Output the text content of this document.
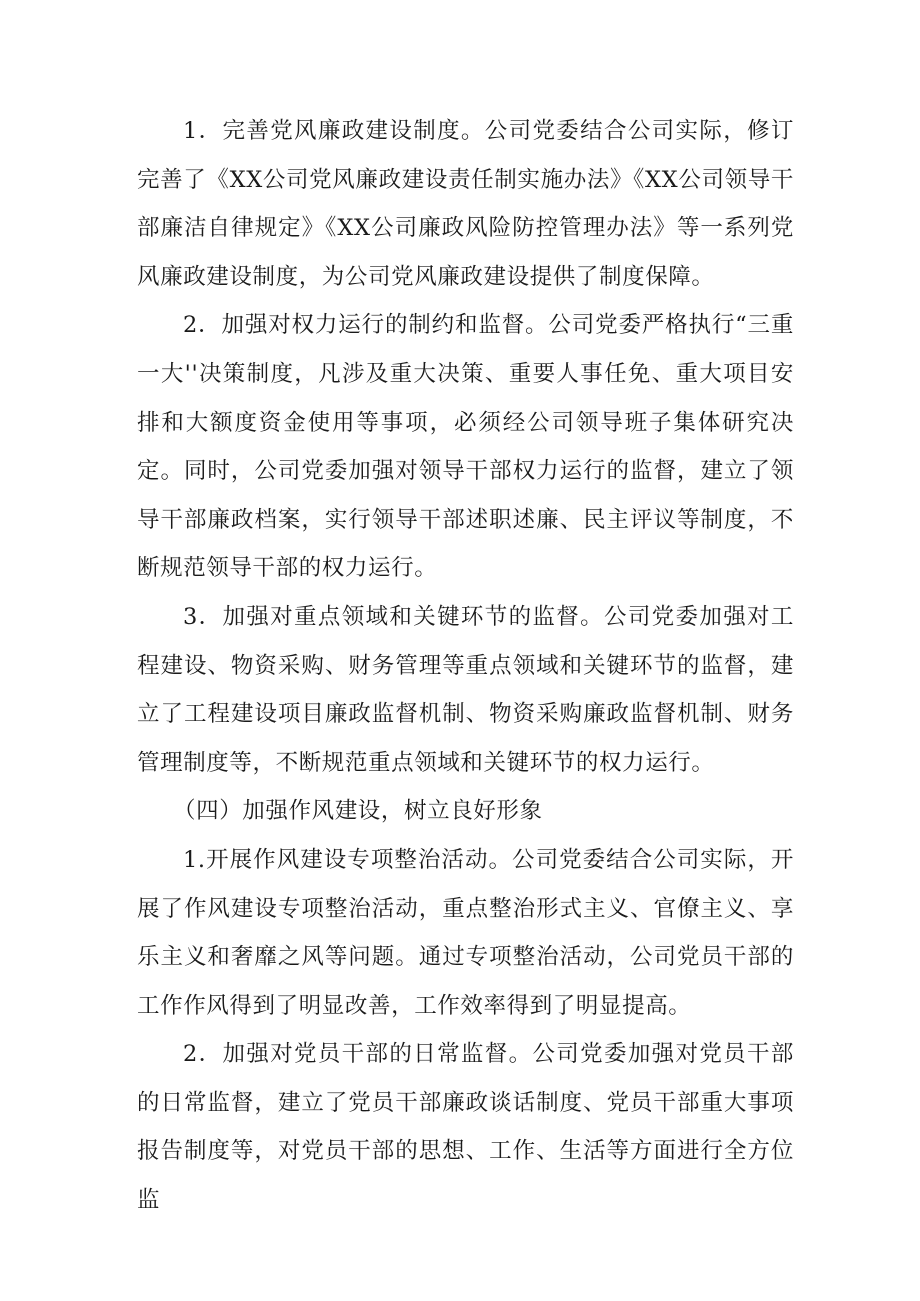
1．完善党风廉政建设制度。公司党委结合公司实际，修订完善了《XX公司党风廉政建设责任制实施办法》《XX公司领导干部廉洁自律规定》《XX公司廉政风险防控管理办法》等一系列党风廉政建设制度，为公司党风廉政建设提供了制度保障。

2．加强对权力运行的制约和监督。公司党委严格执行“三重一大''决策制度，凡涉及重大决策、重要人事任免、重大项目安排和大额度资金使用等事项，必须经公司领导班子集体研究决定。同时，公司党委加强对领导干部权力运行的监督，建立了领导干部廉政档案，实行领导干部述职述廉、民主评议等制度，不断规范领导干部的权力运行。

3．加强对重点领域和关键环节的监督。公司党委加强对工程建设、物资采购、财务管理等重点领域和关键环节的监督，建立了工程建设项目廉政监督机制、物资采购廉政监督机制、财务管理制度等，不断规范重点领域和关键环节的权力运行。

（四）加强作风建设，树立良好形象

1.开展作风建设专项整治活动。公司党委结合公司实际，开展了作风建设专项整治活动，重点整治形式主义、官僚主义、享乐主义和奢靡之风等问题。通过专项整治活动，公司党员干部的工作作风得到了明显改善，工作效率得到了明显提高。

2．加强对党员干部的日常监督。公司党委加强对党员干部的日常监督，建立了党员干部廉政谈话制度、党员干部重大事项报告制度等，对党员干部的思想、工作、生活等方面进行全方位监
